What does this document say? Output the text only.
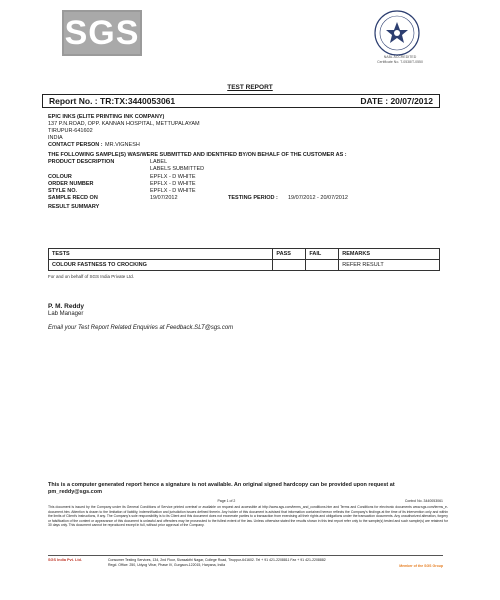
SGS
NABL ACCREDITED
Certificate No. T-0538/T-0550
TEST REPORT
Report No. : TR:TX:3440053061	DATE : 20/07/2012
EPIC INKS (ELITE PRINTING INK COMPANY)
137 P.N.ROAD, OPP. KANNAN HOSPITAL, METTUPALAYAM
TIRUPUR-641602
INDIA
CONTACT PERSON : MR.VIGNESH
THE FOLLOWING SAMPLE(S) WAS/WERE SUBMITTED AND IDENTIFIED BY/ON BEHALF OF THE CUSTOMER AS :
PRODUCT DESCRIPTION	LABEL
LABELS SUBMITTED
COLOUR	EPFLX - D WHITE
ORDER NUMBER	EPFLX - D WHITE
STYLE NO.	EPFLX - D WHITE
SAMPLE RECD ON	19/07/2012	TESTING PERIOD : 19/07/2012 - 20/07/2012
RESULT SUMMARY
TESTS	PASS	FAIL	REMARKS
COLOUR FASTNESS TO CROCKING			REFER RESULT
For and on behalf of SGS India Private Ltd.
P. M. Reddy
Lab Manager
Email your Test Report Related Enquiries at Feedback.SLT@sgs.com
This is a computer generated report hence a signature is not available. An original signed hardcopy can be provided upon request at pm_reddy@sgs.com
Page 1 of 2	Control No. 3440053061
This document is issued by the Company under its General Conditions of Service printed overleaf or available on request and accessible at http://www.sgs.com/terms_and_conditions.htm and Terms and Conditions for electronic documents www.sgs.com/terms_e-document.htm. Attention is drawn to the limitation of liability, indemnification and jurisdiction issues defined therein. Any holder of this document is advised that information contained hereon reflects the Company's findings at the time of its intervention only and within the limits of Client's instructions, if any. The Company's sole responsibility is to its Client and this document does not exonerate parties to a transaction from exercising all their rights and obligations under the transaction documents. Any unauthorized alteration, forgery or falsification of the content or appearance of this document is unlawful and offenders may be prosecuted to the fullest extent of the law. Unless otherwise stated the results shown in this test report refer only to the sample(s) tested and such sample(s) are retained for 30 days only. This document cannot be reproduced except in full, without prior approval of the Company.
SGS India Pvt. Ltd.	Consumer Testing Services, 134, 2nd Floor, Sivasakthi Nagar, College Road, Tiruppur-641602. Tel + 91 421-2208811 Fax + 91 421-2208882
Regd. Office: 250, Udyog Vihar, Phase IV, Gurgaon-122015, Haryana, India	Member of the SGS Group
